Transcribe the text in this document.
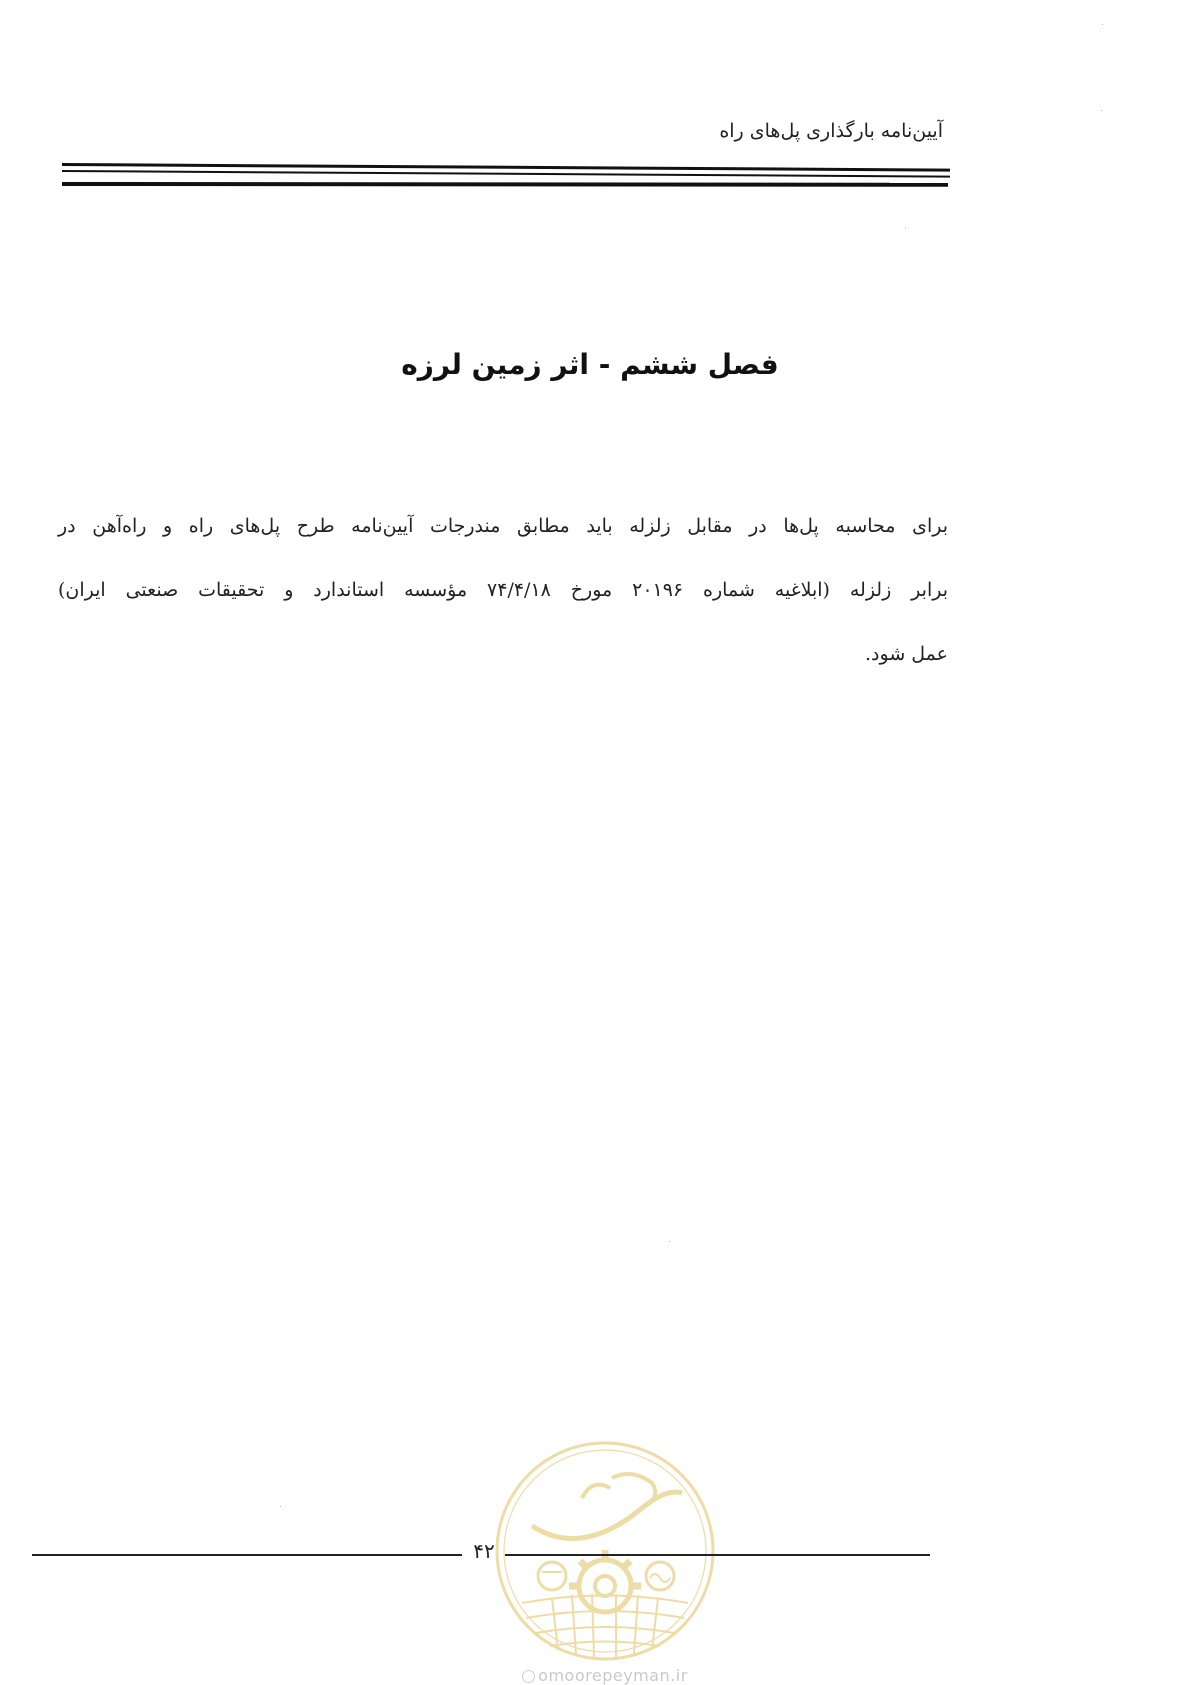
آیین‌نامه بارگذاری پل‌های راه
فصل ششم - اثر زمین لرزه
برای محاسبه پل‌ها در مقابل زلزله باید مطابق مندرجات آیین‌نامه طرح پل‌های راه و راه‌آهن در
برابر زلزله (ابلاغیه شماره ۲۰۱۹۶ مورخ ۷۴/۴/۱۸ مؤسسه استاندارد و تحقیقات صنعتی ایران)
عمل شود.
۴۲
omoorepeyman.ir
